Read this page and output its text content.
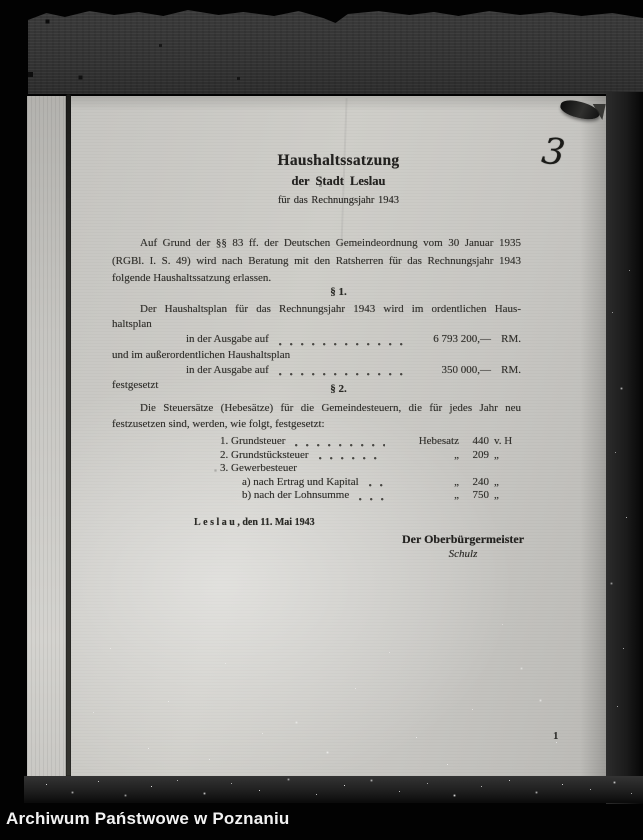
3
Haushaltssatzung
der Stadt Leslau
für das Rechnungsjahr 1943
Auf Grund der §§ 83 ff. der Deutschen Gemeindeordnung vom 30 Januar 1935
(RGBl. I. S. 49) wird nach Beratung mit den Ratsherren für das Rechnungsjahr 1943
folgende Haushaltssatzung erlassen.
§ 1.
Der Haushaltsplan für das Rechnungsjahr 1943 wird im ordentlichen Haus-
haltsplan
in der Ausgabe auf	6 793 200,— RM.
und im außerordentlichen Haushaltsplan
in der Ausgabe auf	350 000,— RM.
festgesetzt	§ 2.
Die Steuersätze (Hebesätze) für die Gemeindesteuern, die für jedes Jahr neu
festzusetzen sind, werden, wie folgt, festgesetzt:
1. Grundsteuer	Hebesatz	440 v. H
2. Grundstücksteuer	„	209 „
3. Gewerbesteuer
a) nach Ertrag und Kapital	„	240 „
b) nach der Lohnsumme	„	750 „
Leslau, den 11. Mai 1943
Der Oberbürgermeister
Schulz
1
Archiwum Państwowe w Poznaniu
